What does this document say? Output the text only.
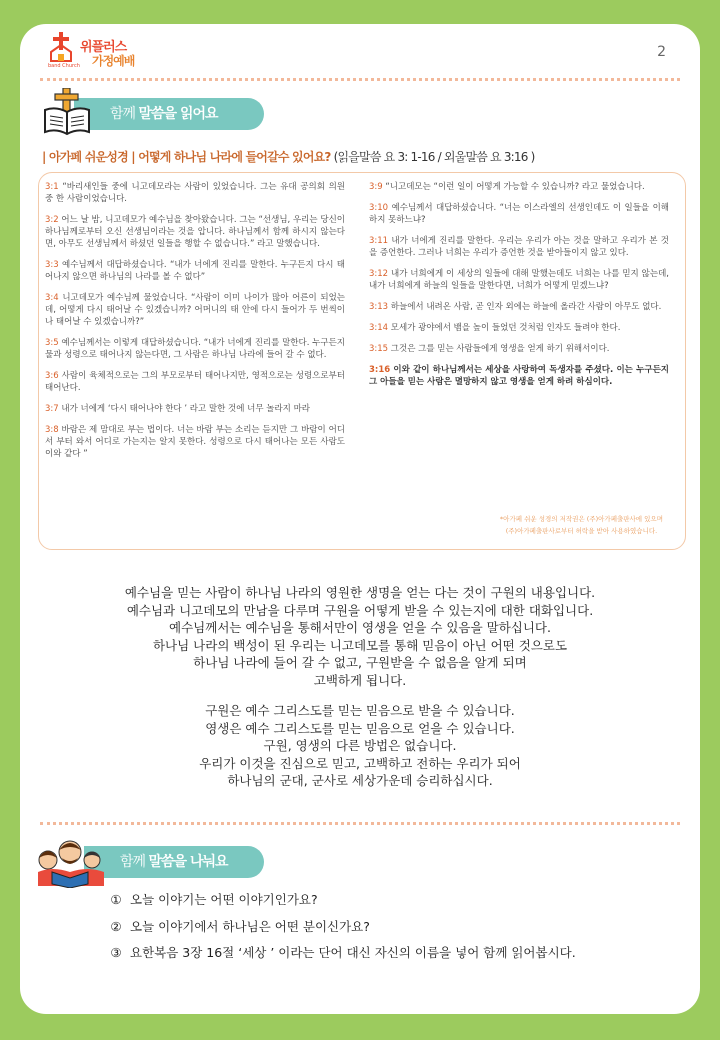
위플러스
가정예배
band Church
2
함께 말씀을 읽어요
| 아가페 쉬운성경 | 어떻게 하나님 나라에 들어갈수 있어요? (읽을말씀 요 3: 1-16 / 외울말씀 요 3:16 )

3:1 “바리새인들 중에 니고데모라는 사람이 있었습니다. 그는 유대 공의회 의원 중 한 사람이었습니다.

3:2 어느 날 밤, 니고데모가 예수님을 찾아왔습니다. 그는 “선생님, 우리는 당신이 하나님께로부터 오신 선생님이라는 것을 압니다. 하나님께서 함께 하시지 않는다면, 아무도 선생님께서 하셨던 일들을 행할 수 없습니다.” 라고 말했습니다.

3:3 예수님께서 대답하셨습니다. “내가 너에게 진리를 말한다. 누구든지 다시 태어나지 않으면 하나님의 나라를 볼 수 없다”

3:4 니고데모가 예수님께 물었습니다. “사람이 이미 나이가 많아 어른이 되었는데, 어떻게 다시 태어날 수 있겠습니까? 어머니의 태 안에 다시 들어가 두 번씩이나 태어날 수 있겠습니까?”

3:5 예수님께서는 이렇게 대답하셨습니다. “내가 너에게 진리를 말한다. 누구든지 물과 성령으로 태어나지 않는다면, 그 사람은 하나님 나라에 들어 갈 수 없다.

3:6 사람이 육체적으로는 그의 부모로부터 태어나지만, 영적으로는 성령으로부터 태어난다.

3:7 내가 너에게 ‘다시 태어나야 한다 ’ 라고 말한 것에 너무 놀라지 마라

3:8 바람은 제 맘대로 부는 법이다. 너는 바람 부는 소리는 듣지만 그 바람이 어디서 부터 와서 어디로 가는지는 알지 못한다. 성령으로 다시 태어나는 모든 사람도 이와 같다 ”

3:9 “니고데모는 “이런 일이 어떻게 가능할 수 있습니까? 라고 물었습니다.

3:10 예수님께서 대답하셨습니다. “너는 이스라엘의 선생인데도 이 일들을 이해하지 못하느냐?

3:11 내가 너에게 진리를 말한다. 우리는 우리가 아는 것을 말하고 우리가 본 것을 증언한다. 그러나 너희는 우리가 증언한 것을 받아들이지 않고 있다.

3:12 내가 너희에게 이 세상의 일들에 대해 말했는데도 너희는 나를 믿지 않는데, 내가 너희에게 하늘의 일들을 말한다면, 너희가 어떻게 믿겠느냐?

3:13 하늘에서 내려온 사람, 곧 인자 외에는 하늘에 올라간 사람이 아무도 없다.

3:14 모세가 광야에서 뱀을 높이 들었던 것처럼 인자도 들려야 한다.

3:15 그것은 그를 믿는 사람들에게 영생을 얻게 하기 위해서이다.

3:16 이와 같이 하나님께서는 세상을 사랑하여 독생자를 주셨다. 이는 누구든지 그 아들을 믿는 사람은 멸망하지 않고 영생을 얻게 하려 하심이다.

*아가페 쉬운 성경의 저작권은 (주)아가페출판사에 있으며
(주)아가페출판사로부터 허락을 받아 사용하였습니다.
예수님을 믿는 사람이 하나님 나라의 영원한 생명을 얻는 다는 것이 구원의 내용입니다.
예수님과 니고데모의 만남을 다루며 구원을 어떻게 받을 수 있는지에 대한 대화입니다.
예수님께서는 예수님을 통해서만이 영생을 얻을 수 있음을 말하십니다.
하나님 나라의 백성이 된 우리는 니고데모를 통해 믿음이 아닌 어떤 것으로도
하나님 나라에 들어 갈 수 없고, 구원받을 수 없음을 알게 되며
고백하게 됩니다.
구원은 예수 그리스도를 믿는 믿음으로 받을 수 있습니다.
영생은 예수 그리스도를 믿는 믿음으로 얻을 수 있습니다.
구원, 영생의 다른 방법은 없습니다.
우리가 이것을 진심으로 믿고, 고백하고 전하는 우리가 되어
하나님의 군대, 군사로 세상가운데 승리하십시다.
함께 말씀을 나눠요
① 오늘 이야기는 어떤 이야기인가요?
② 오늘 이야기에서 하나님은 어떤 분이신가요?
③ 요한복음 3장 16절 ‘세상 ’ 이라는 단어 대신 자신의 이름을 넣어 함께 읽어봅시다.
